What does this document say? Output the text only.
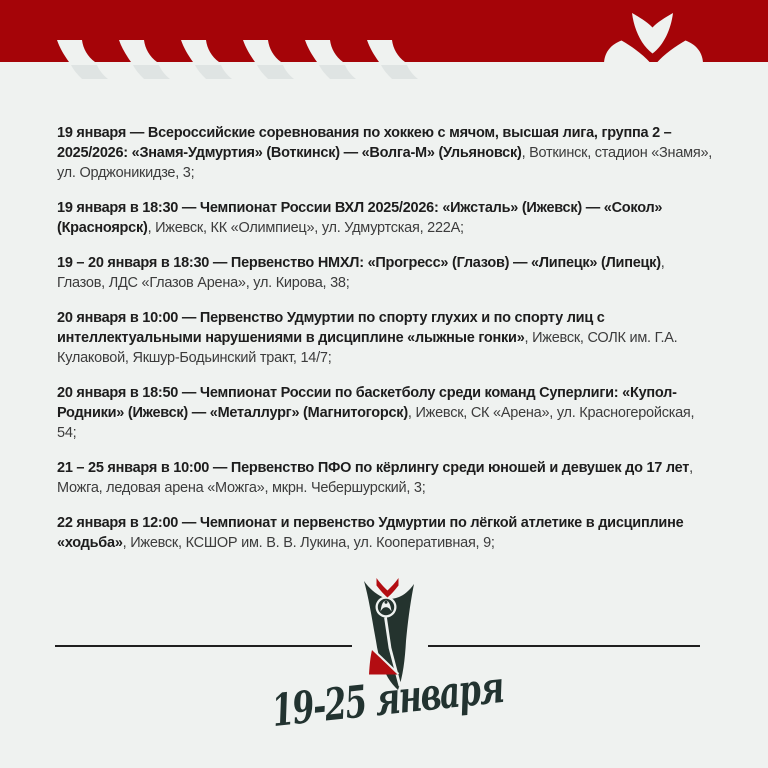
19 января — Всероссийские соревнования по хоккею с мячом, высшая лига, группа 2 – 2025/2026: «Знамя-Удмуртия» (Воткинск) — «Волга-М» (Ульяновск), Воткинск, стадион «Знамя», ул. Орджоникидзе, 3;

19 января в 18:30 — Чемпионат России ВХЛ 2025/2026: «Ижсталь» (Ижевск) — «Сокол» (Красноярск), Ижевск, КК «Олимпиец», ул. Удмуртская, 222А;

19 – 20 января в 18:30 — Первенство НМХЛ: «Прогресс» (Глазов) — «Липецк» (Липецк), Глазов, ЛДС «Глазов Арена», ул. Кирова, 38;

20 января в 10:00 — Первенство Удмуртии по спорту глухих и по спорту лиц с интеллектуальными нарушениями в дисциплине «лыжные гонки», Ижевск, СОЛК им. Г.А. Кулаковой, Якшур-Бодьинский тракт, 14/7;

20 января в 18:50 — Чемпионат России по баскетболу среди команд Суперлиги: «Купол-Родники» (Ижевск) — «Металлург» (Магнитогорск), Ижевск, СК «Арена», ул. Красногеройская, 54;

21 – 25 января в 10:00 — Первенство ПФО по кёрлингу среди юношей и девушек до 17 лет, Можга, ледовая арена «Можга», мкрн. Чебершурский, 3;

22 января в 12:00 — Чемпионат и первенство Удмуртии по лёгкой атлетике в дисциплине «ходьба», Ижевск, КСШОР им. В. В. Лукина, ул. Кооперативная, 9;

19-25 января
